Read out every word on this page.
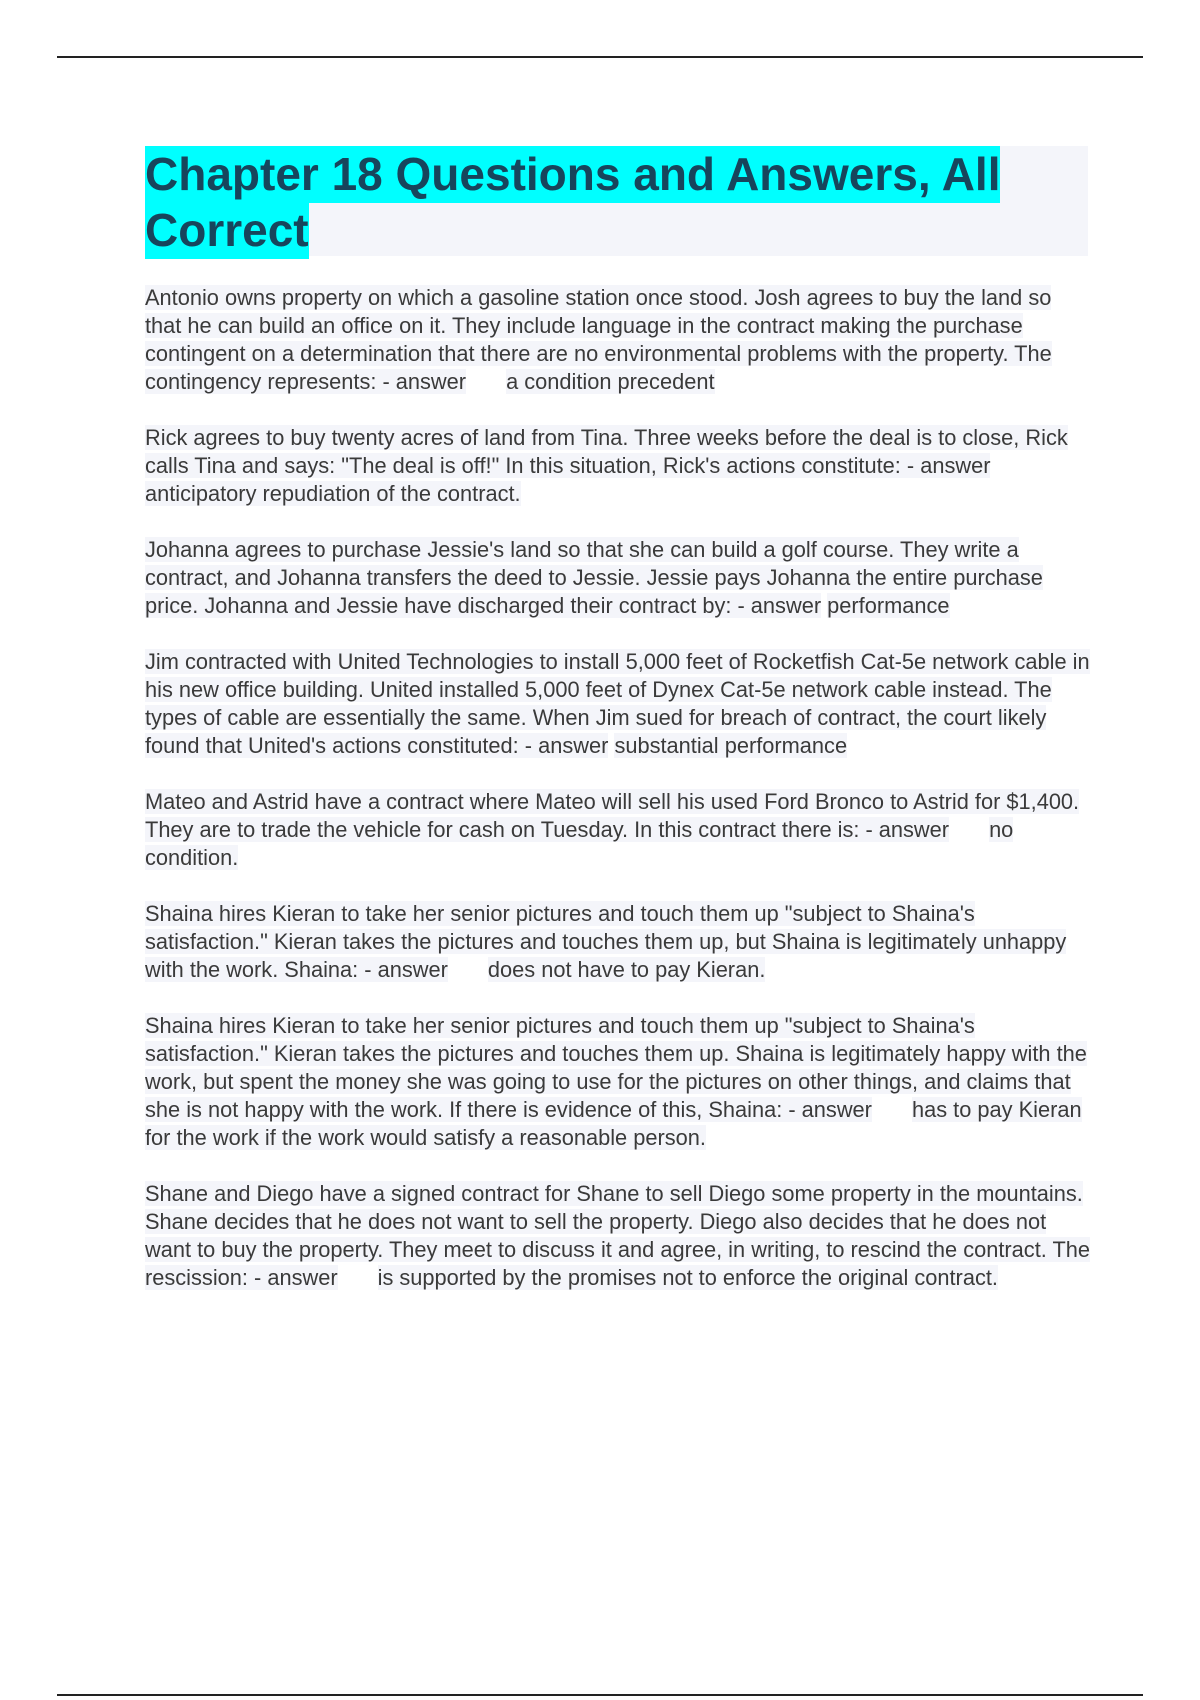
Chapter 18 Questions and Answers, All Correct

Antonio owns property on which a gasoline station once stood. Josh agrees to buy the land so that he can build an office on it. They include language in the contract making the purchase contingent on a determination that there are no environmental problems with the property. The contingency represents: - answer a condition precedent

Rick agrees to buy twenty acres of land from Tina. Three weeks before the deal is to close, Rick calls Tina and says: "The deal is off!" In this situation, Rick's actions constitute: - answeranticipatory repudiation of the contract.

Johanna agrees to purchase Jessie's land so that she can build a golf course. They write a contract, and Johanna transfers the deed to Jessie. Jessie pays Johanna the entire purchase price. Johanna and Jessie have discharged their contract by: - answer performance

Jim contracted with United Technologies to install 5,000 feet of Rocketfish Cat-5e network cable in his new office building. United installed 5,000 feet of Dynex Cat-5e network cable instead. The types of cable are essentially the same. When Jim sued for breach of contract, the court likely found that United's actions constituted: - answer substantial performance

Mateo and Astrid have a contract where Mateo will sell his used Ford Bronco to Astrid for $1,400. They are to trade the vehicle for cash on Tuesday. In this contract there is: - answer no condition.

Shaina hires Kieran to take her senior pictures and touch them up "subject to Shaina's satisfaction." Kieran takes the pictures and touches them up, but Shaina is legitimately unhappy with the work. Shaina: - answer does not have to pay Kieran.

Shaina hires Kieran to take her senior pictures and touch them up "subject to Shaina's satisfaction." Kieran takes the pictures and touches them up. Shaina is legitimately happy with the work, but spent the money she was going to use for the pictures on other things, and claims that she is not happy with the work. If there is evidence of this, Shaina: - answer has to pay Kieran for the work if the work would satisfy a reasonable person.

Shane and Diego have a signed contract for Shane to sell Diego some property in the mountains. Shane decides that he does not want to sell the property. Diego also decides that he does not want to buy the property. They meet to discuss it and agree, in writing, to rescind the contract. The rescission: - answer is supported by the promises not to enforce the original contract.
